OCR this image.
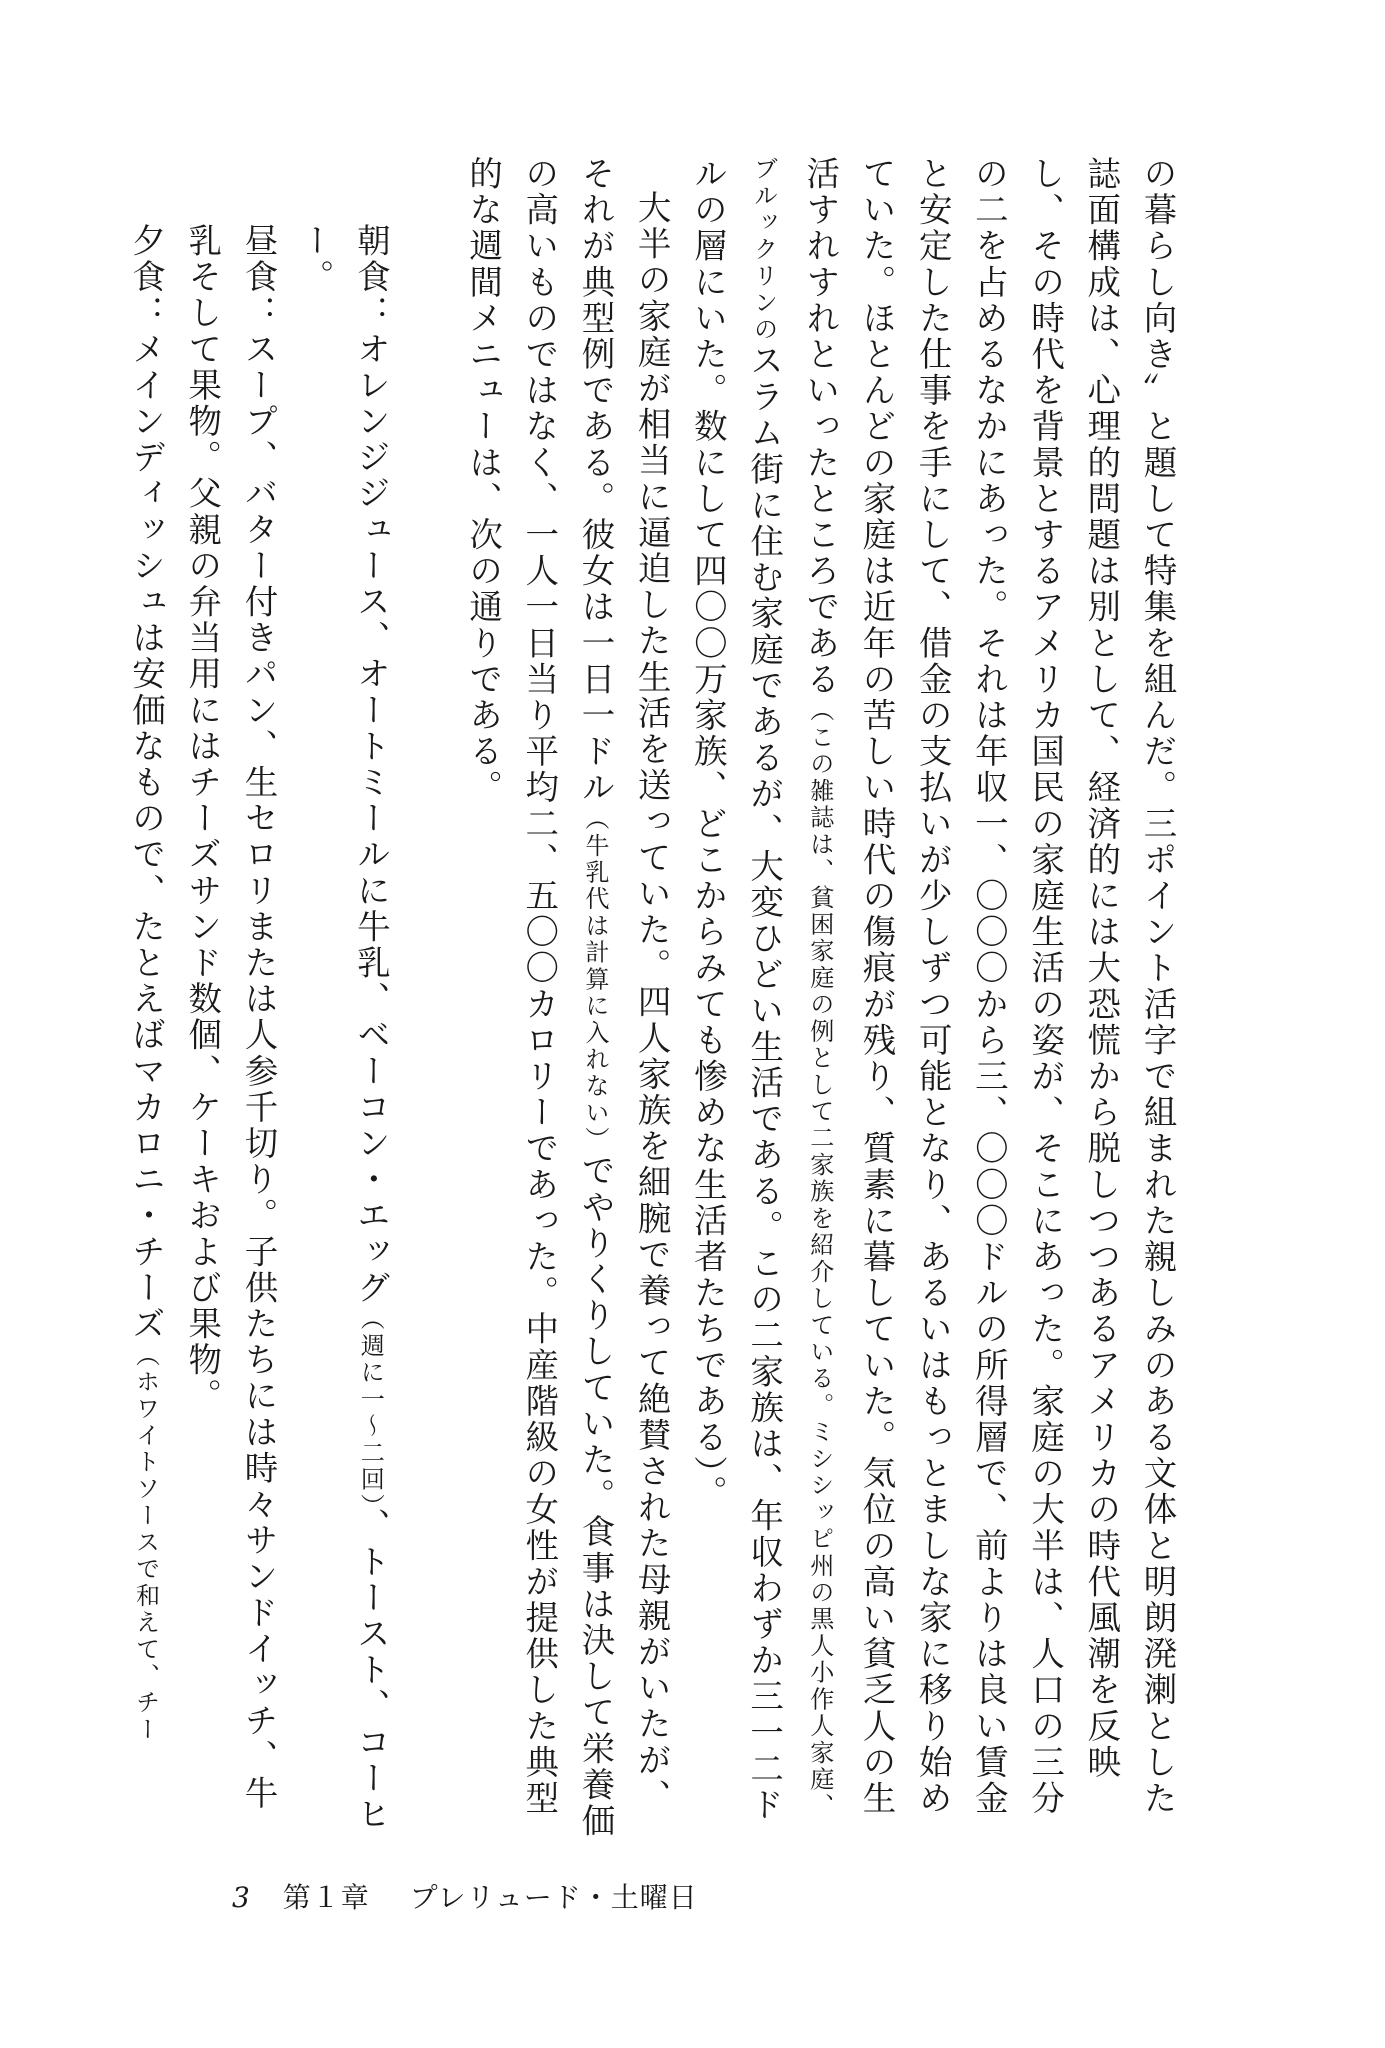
の暮らし向き〟と題して特集を組んだ。三ポイント活字で組まれた親しみのある文体と明朗溌溂とした誌面構成は、心理的問題は別として、経済的には大恐慌から脱しつつあるアメリカの時代風潮を反映し、その時代を背景とするアメリカ国民の家庭生活の姿が、そこにあった。家庭の大半は、人口の三分の二を占めるなかにあった。それは年収一、〇〇〇から三、〇〇〇ドルの所得層で、前よりは良い賃金と安定した仕事を手にして、借金の支払いが少しずつ可能となり、あるいはもっとましな家に移り始めていた。ほとんどの家庭は近年の苦しい時代の傷痕が残り、質素に暮していた。気位の高い貧乏人の生活すれすれといったところである（この雑誌は、貧困家庭の例として二家族を紹介している。ミシシッピ州の黒人小作人家庭、ブルックリンのスラム街に住む家庭であるが、大変ひどい生活である。この二家族は、年収わずか三一二ドルの層にいた。数にして四〇〇万家族、どこからみても惨めな生活者たちである）。

大半の家庭が相当に逼迫した生活を送っていた。四人家族を細腕で養って絶賛された母親がいたが、それが典型例である。彼女は一日一ドル（牛乳代は計算に入れない）でやりくりしていた。食事は決して栄養価の高いものではなく、一人一日当り平均二、五〇〇カロリーであった。中産階級の女性が提供した典型的な週間メニューは、次の通りである。

朝食：オレンジジュース、オートミールに牛乳、ベーコン・エッグ（週に一〜二回）、トースト、コーヒー。

昼食：スープ、バター付きパン、生セロリまたは人参千切り。子供たちには時々サンドイッチ、牛乳そして果物。父親の弁当用にはチーズサンド数個、ケーキおよび果物。

夕食：メインディッシュは安価なもので、たとえばマカロニ・チーズ（ホワイトソースで和えて、チー

3 第１章 プレリュード・土曜日
